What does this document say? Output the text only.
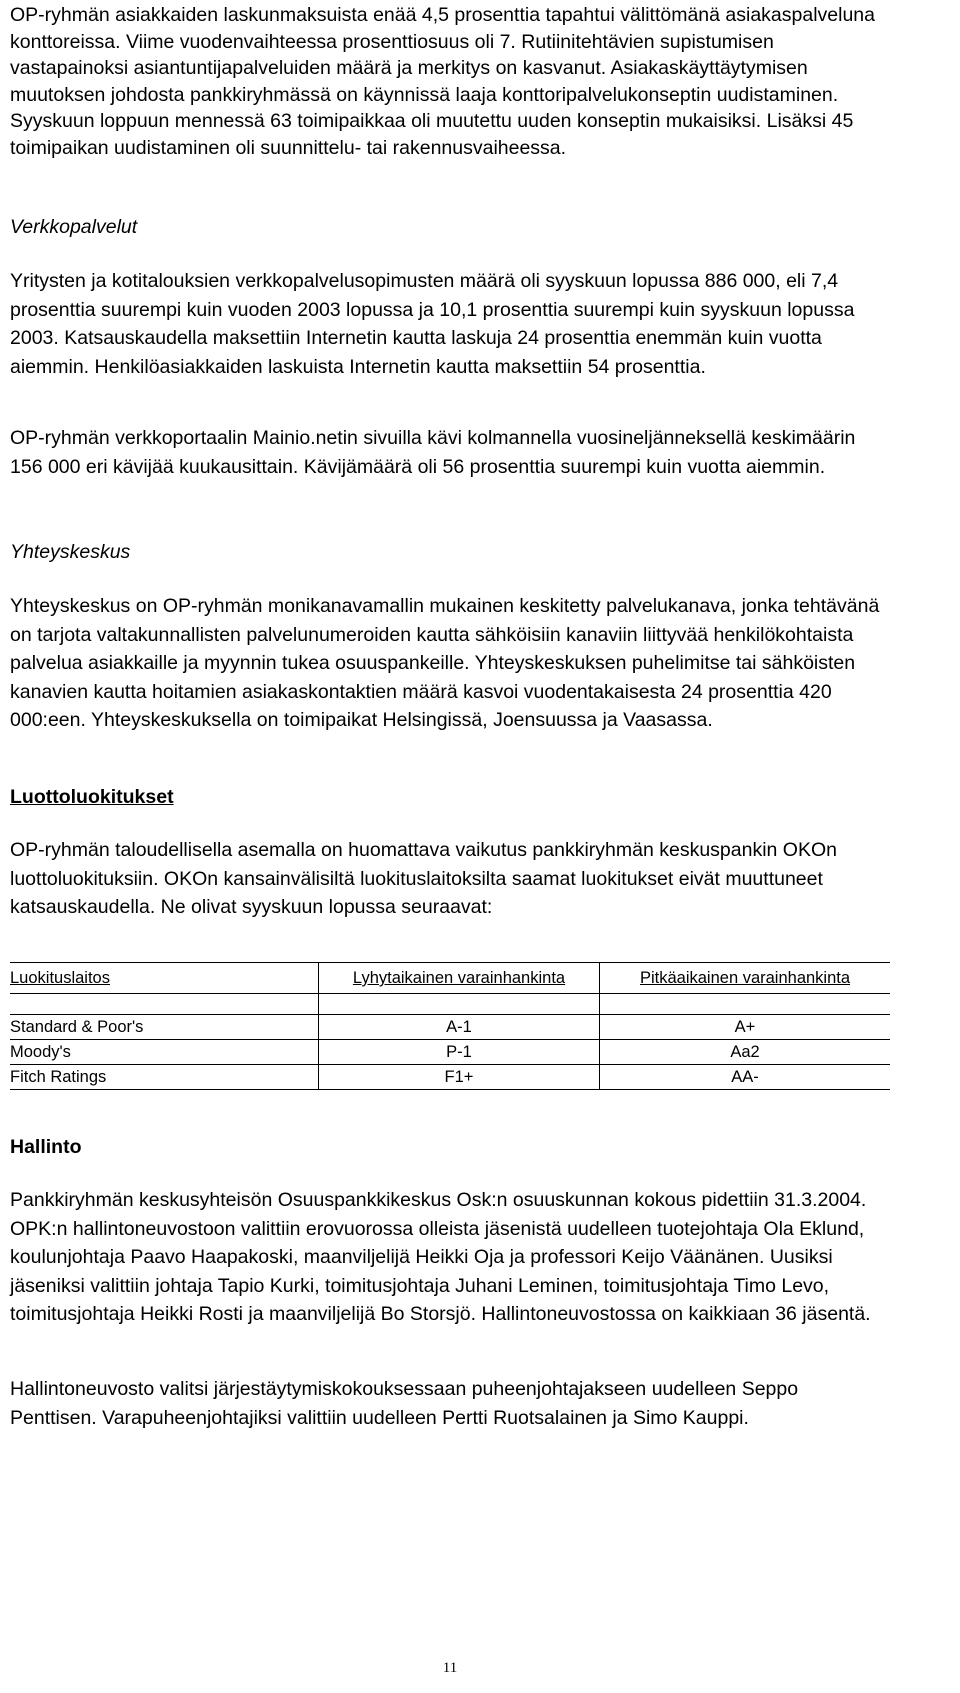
OP-ryhmän asiakkaiden laskunmaksuista enää 4,5 prosenttia tapahtui välittömänä asiakaspalveluna konttoreissa. Viime vuodenvaihteessa prosenttiosuus oli 7. Rutiinitehtävien supistumisen vastapainoksi asiantuntijapalveluiden määrä ja merkitys on kasvanut. Asiakaskäyttäytymisen muutoksen johdosta pankkiryhmässä on käynnissä laaja konttoripalvelukonseptin uudistaminen. Syyskuun loppuun mennessä 63 toimipaikkaa oli muutettu uuden konseptin mukaisiksi. Lisäksi 45 toimipaikan uudistaminen oli suunnittelu- tai rakennusvaiheessa.

Verkkopalvelut

Yritysten ja kotitalouksien verkkopalvelusopimusten määrä oli syyskuun lopussa 886 000, eli 7,4 prosenttia suurempi kuin vuoden 2003 lopussa ja 10,1 prosenttia suurempi kuin syyskuun lopussa 2003. Katsauskaudella maksettiin Internetin kautta laskuja 24 prosenttia enemmän kuin vuotta aiemmin. Henkilöasiakkaiden laskuista Internetin kautta maksettiin 54 prosenttia.

OP-ryhmän verkkoportaalin Mainio.netin sivuilla kävi kolmannella vuosineljänneksellä keskimäärin 156 000 eri kävijää kuukausittain. Kävijämäärä oli 56 prosenttia suurempi kuin vuotta aiemmin.

Yhteyskeskus

Yhteyskeskus on OP-ryhmän monikanavamallin mukainen keskitetty palvelukanava, jonka tehtävänä on tarjota valtakunnallisten palvelunumeroiden kautta sähköisiin kanaviin liittyvää henkilökohtaista palvelua asiakkaille ja myynnin tukea osuuspankeille. Yhteyskeskuksen puhelimitse tai sähköisten kanavien kautta hoitamien asiakaskontaktien määrä kasvoi vuodentakaisesta 24 prosenttia 420 000:een. Yhteyskeskuksella on toimipaikat Helsingissä, Joensuussa ja Vaasassa.

Luottoluokitukset

OP-ryhmän taloudellisella asemalla on huomattava vaikutus pankkiryhmän keskuspankin OKOn luottoluokituksiin. OKOn kansainvälisiltä luokituslaitoksilta saamat luokitukset eivät muuttuneet katsauskaudella. Ne olivat syyskuun lopussa seuraavat:

Luokituslaitos	Lyhytaikainen varainhankinta	Pitkäaikainen varainhankinta
Standard & Poor's	A-1	A+
Moody's	P-1	Aa2
Fitch Ratings	F1+	AA-

Hallinto

Pankkiryhmän keskusyhteisön Osuuspankkikeskus Osk:n osuuskunnan kokous pidettiin 31.3.2004. OPK:n hallintoneuvostoon valittiin erovuorossa olleista jäsenistä uudelleen tuotejohtaja Ola Eklund, koulunjohtaja Paavo Haapakoski, maanviljelijä Heikki Oja ja professori Keijo Väänänen. Uusiksi jäseniksi valittiin johtaja Tapio Kurki, toimitusjohtaja Juhani Leminen, toimitusjohtaja Timo Levo, toimitusjohtaja Heikki Rosti ja maanviljelijä Bo Storsjö. Hallintoneuvostossa on kaikkiaan 36 jäsentä.

Hallintoneuvosto valitsi järjestäytymiskokouksessaan puheenjohtajakseen uudelleen Seppo Penttisen. Varapuheenjohtajiksi valittiin uudelleen Pertti Ruotsalainen ja Simo Kauppi.

11
